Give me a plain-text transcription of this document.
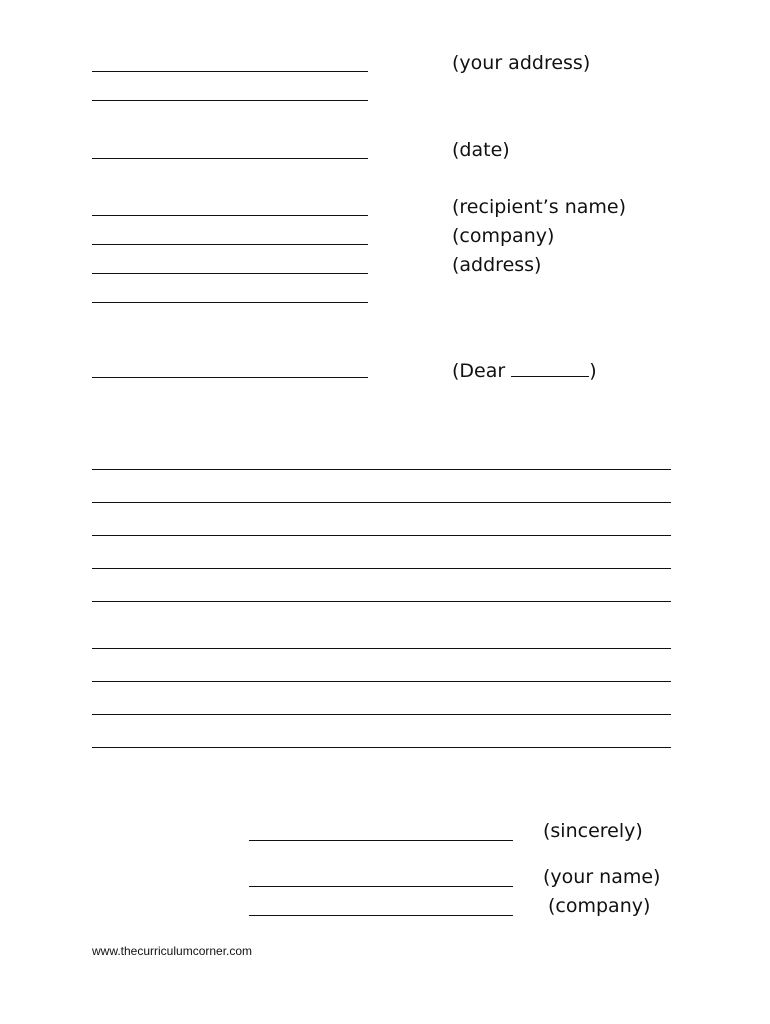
(your address)
(date)
(recipient’s name)
(company)
(address)
(Dear	)
(sincerely)
(your name)
(company)
www.thecurriculumcorner.com
